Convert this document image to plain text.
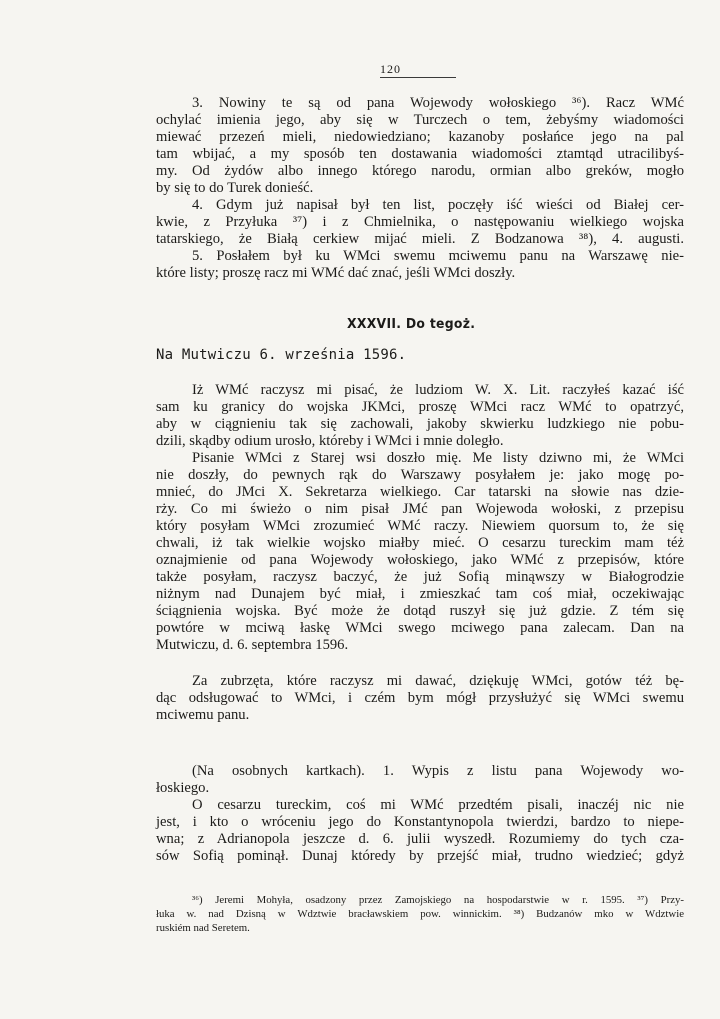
120
3. Nowiny te są od pana Wojewody wołoskiego ³⁶). Racz WMć
ochylać imienia jego, aby się w Turczech o tem, żebyśmy wiadomości
miewać przezeń mieli, niedowiedziano; kazanoby posłańce jego na pal
tam wbijać, a my sposób ten dostawania wiadomości ztamtąd utracilibyś-
my. Od żydów albo innego którego narodu, ormian albo greków, mogło
by się to do Turek donieść.
4. Gdym już napisał był ten list, poczęły iść wieści od Białej cer-
kwie, z Przyłuka ³⁷) i z Chmielnika, o następowaniu wielkiego wojska
tatarskiego, że Białą cerkiew mijać mieli. Z Bodzanowa ³⁸), 4. augusti.
5. Posłałem był ku WMci swemu mciwemu panu na Warszawę nie-
które listy; proszę racz mi WMć dać znać, jeśli WMci doszły.
XXXVII. Do tegoż.
Na Mutwiczu 6. września 1596.
Iż WMć raczysz mi pisać, że ludziom W. X. Lit. raczyłeś kazać iść
sam ku granicy do wojska JKMci, proszę WMci racz WMć to opatrzyć,
aby w ciągnieniu tak się zachowali, jakoby skwierku ludzkiego nie pobu-
dzili, skądby odium urosło, któreby i WMci i mnie doległo.
Pisanie WMci z Starej wsi doszło mię. Me listy dziwno mi, że WMci
nie doszły, do pewnych rąk do Warszawy posyłałem je: jako mogę po-
mnieć, do JMci X. Sekretarza wielkiego. Car tatarski na słowie nas dzie-
rży. Co mi świeżo o nim pisał JMć pan Wojewoda wołoski, z przepisu
który posyłam WMci zrozumieć WMć raczy. Niewiem quorsum to, że się
chwali, iż tak wielkie wojsko miałby mieć. O cesarzu tureckim mam téż
oznajmienie od pana Wojewody wołoskiego, jako WMć z przepisów, które
także posyłam, raczysz baczyć, że już Sofią minąwszy w Białogrodzie
niżnym nad Dunajem być miał, i zmieszkać tam coś miał, oczekiwając
ściągnienia wojska. Być może że dotąd ruszył się już gdzie. Z tém się
powtóre w mciwą łaskę WMci swego mciwego pana zalecam. Dan na
Mutwiczu, d. 6. septembra 1596.
Za zubrzęta, które raczysz mi dawać, dziękuję WMci, gotów téż bę-
dąc odsługować to WMci, i czém bym mógł przysłużyć się WMci swemu
mciwemu panu.
(Na osobnych kartkach). 1. Wypis z listu pana Wojewody wo-
łoskiego.
O cesarzu tureckim, coś mi WMć przedtém pisali, inaczéj nic nie
jest, i kto o wróceniu jego do Konstantynopola twierdzi, bardzo to niepe-
wna; z Adrianopola jeszcze d. 6. julii wyszedł. Rozumiemy do tych cza-
sów Sofią pominął. Dunaj któredy by przejść miał, trudno wiedzieć; gdyż
³⁶) Jeremi Mohyła, osadzony przez Zamojskiego na hospodarstwie w r. 1595. ³⁷) Przy-
łuka w. nad Dzisną w Wdztwie bracławskiem pow. winnickim. ³⁸) Budzanów mko w Wdztwie
ruskiém nad Seretem.
